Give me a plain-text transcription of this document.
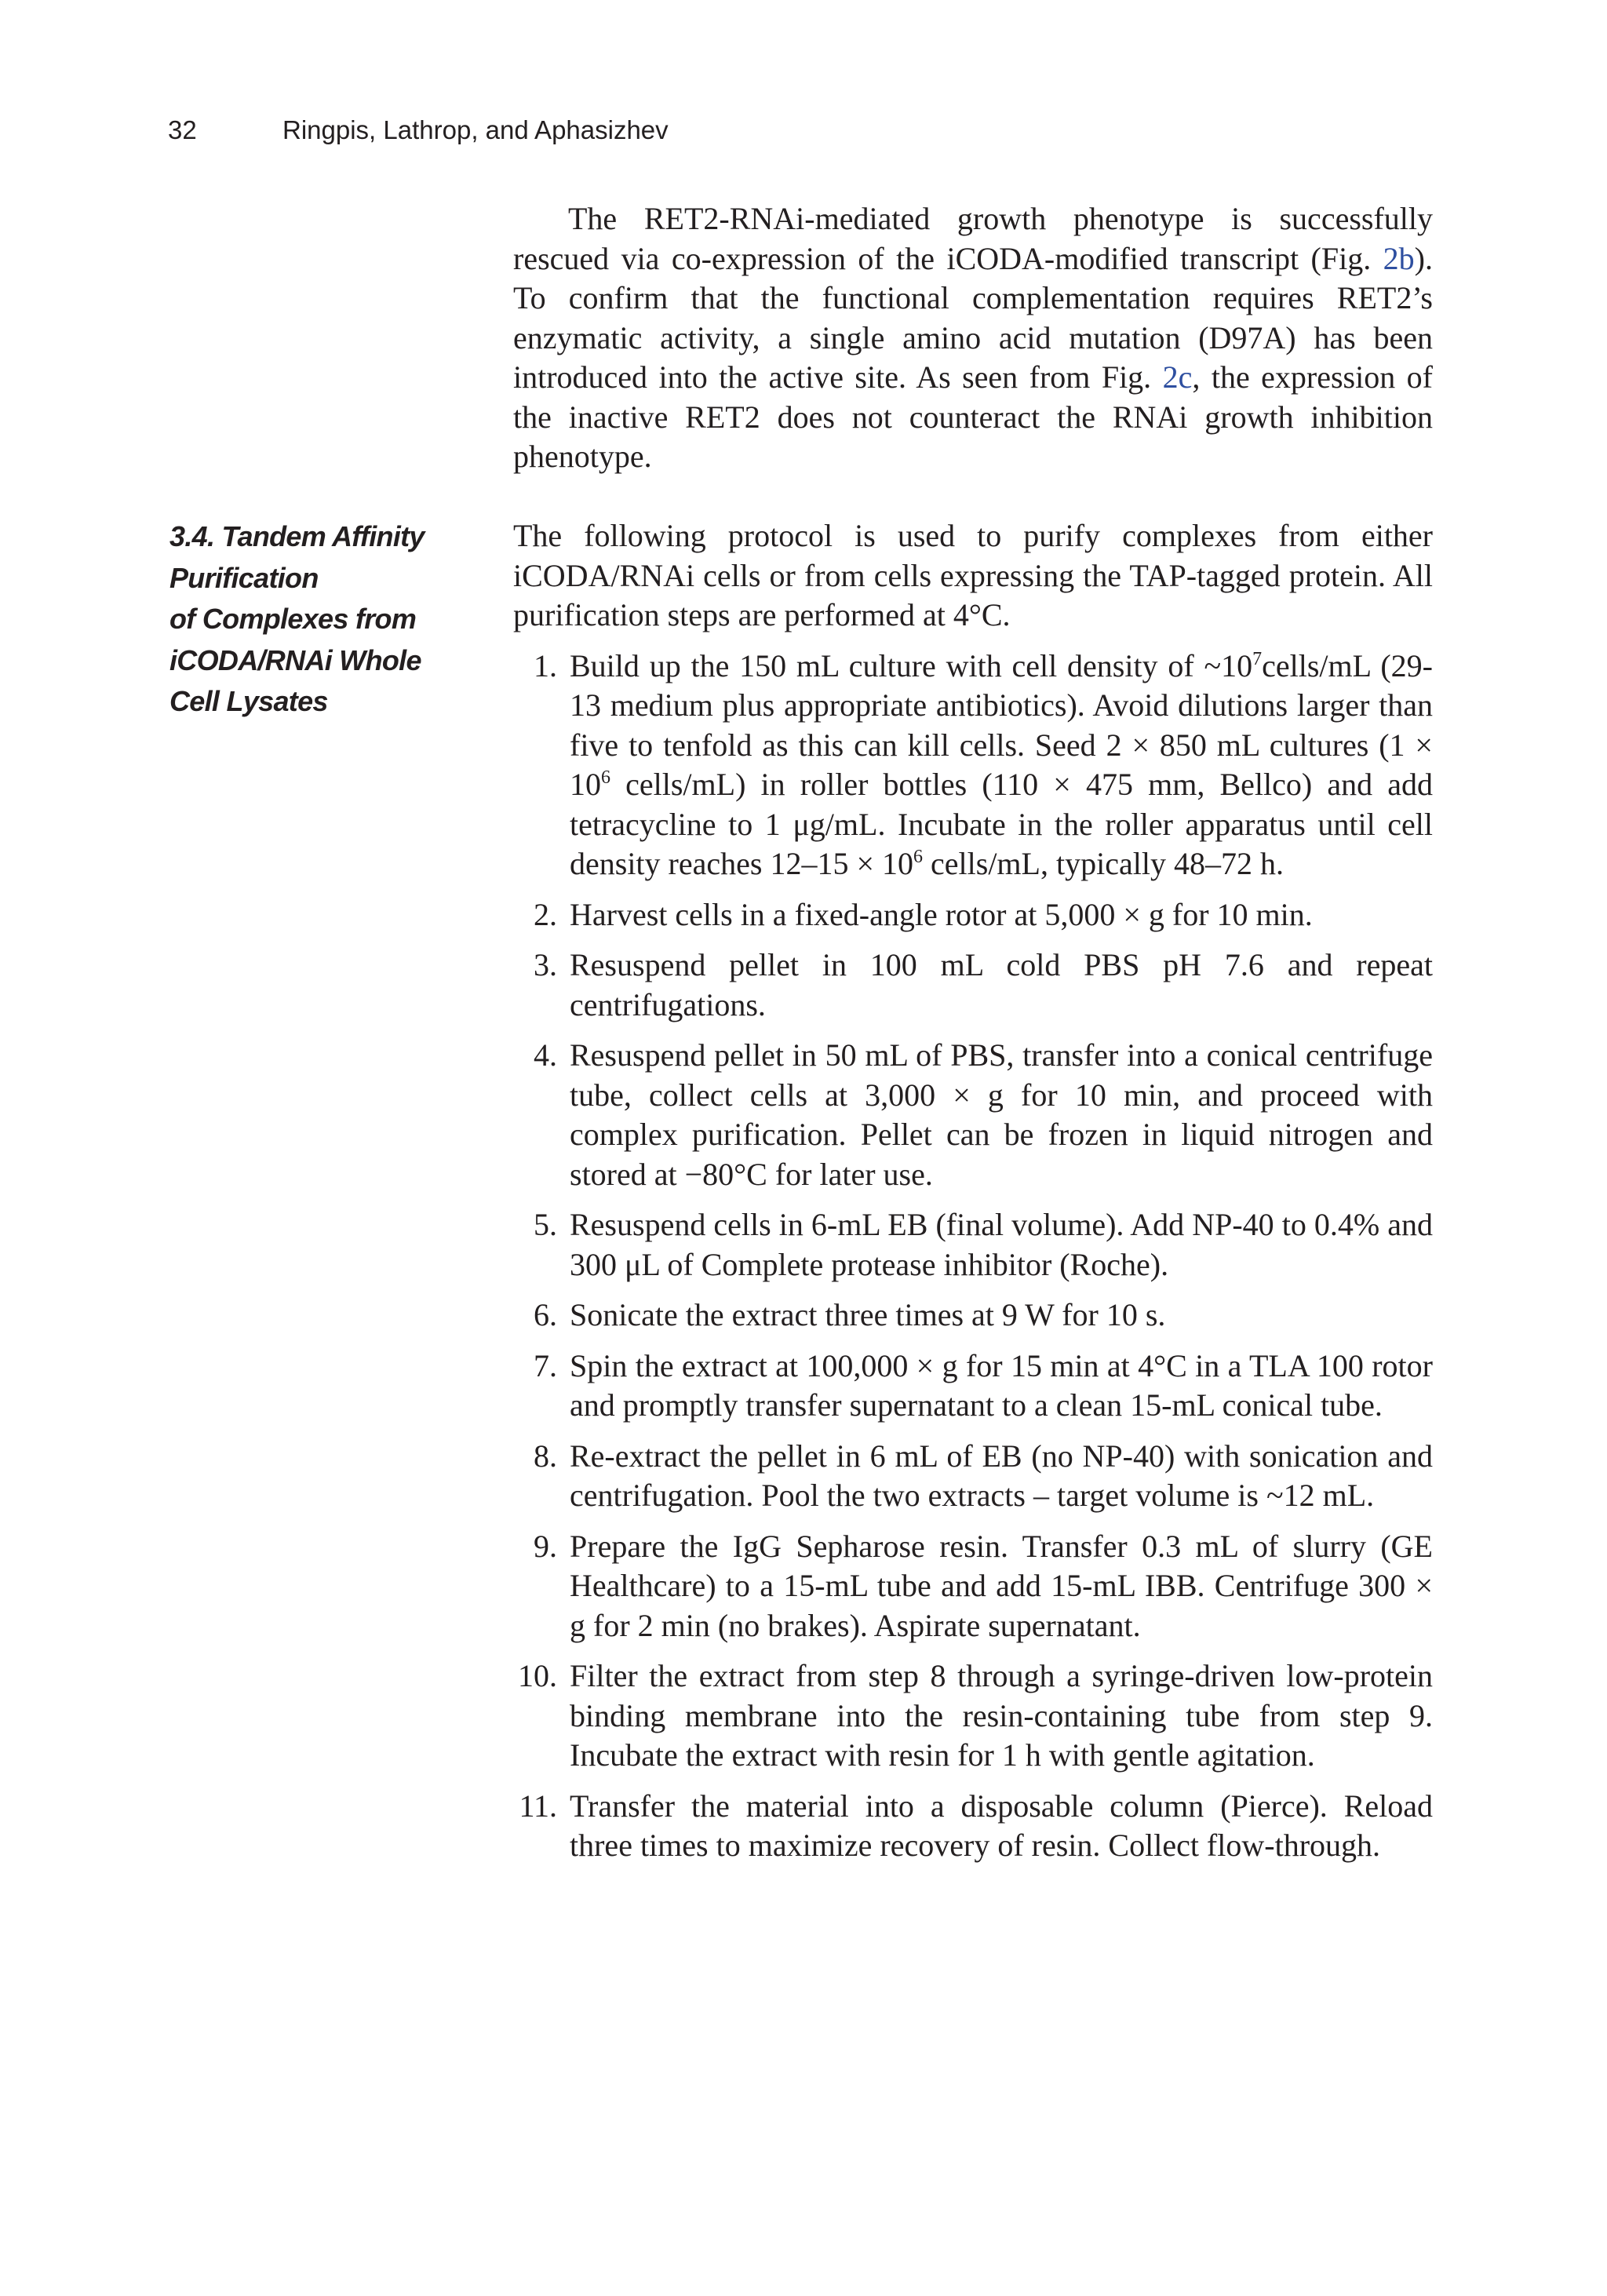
32	Ringpis, Lathrop, and Aphasizhev
3.4. Tandem Affinity
Purification
of Complexes from
iCODA/RNAi Whole
Cell Lysates

The RET2-RNAi-mediated growth phenotype is successfully rescued via co-expression of the iCODA-modified transcript (Fig. 2b). To confirm that the functional complementation requires RET2’s enzymatic activity, a single amino acid mutation (D97A) has been introduced into the active site. As seen from Fig. 2c, the expression of the inactive RET2 does not counteract the RNAi growth inhibition phenotype.

The following protocol is used to purify complexes from either iCODA/RNAi cells or from cells expressing the TAP-tagged protein. All purification steps are performed at 4°C.

1. Build up the 150 mL culture with cell density of $\sim 10^7cells/mL$ (29-13 medium plus appropriate antibiotics). Avoid dilutions larger than five to tenfold as this can kill cells. Seed 2 × 850 mL cultures ($1 \times 10^6$ cells/mL) in roller bottles (110 × 475 mm, Bellco) and add tetracycline to 1 μg/mL. Incubate in the roller apparatus until cell density reaches $12-15 \times 10^6$ cells/mL, typically 48–72 h.
2. Harvest cells in a fixed-angle rotor at 5,000 × g for 10 min.
3. Resuspend pellet in 100 mL cold PBS pH 7.6 and repeat centrifugations.
4. Resuspend pellet in 50 mL of PBS, transfer into a conical centrifuge tube, collect cells at 3,000 × g for 10 min, and proceed with complex purification. Pellet can be frozen in liquid nitrogen and stored at −80°C for later use.
5. Resuspend cells in 6-mL EB (final volume). Add NP-40 to 0.4% and 300 μL of Complete protease inhibitor (Roche).
6. Sonicate the extract three times at 9 W for 10 s.
7. Spin the extract at 100,000 × g for 15 min at 4°C in a TLA 100 rotor and promptly transfer supernatant to a clean 15-mL conical tube.
8. Re-extract the pellet in 6 mL of EB (no NP-40) with sonication and centrifugation. Pool the two extracts – target volume is ~12 mL.
9. Prepare the IgG Sepharose resin. Transfer 0.3 mL of slurry (GE Healthcare) to a 15-mL tube and add 15-mL IBB. Centrifuge 300 × g for 2 min (no brakes). Aspirate supernatant.
10. Filter the extract from step 8 through a syringe-driven low-protein binding membrane into the resin-containing tube from step 9. Incubate the extract with resin for 1 h with gentle agitation.
11. Transfer the material into a disposable column (Pierce). Reload three times to maximize recovery of resin. Collect flow-through.
